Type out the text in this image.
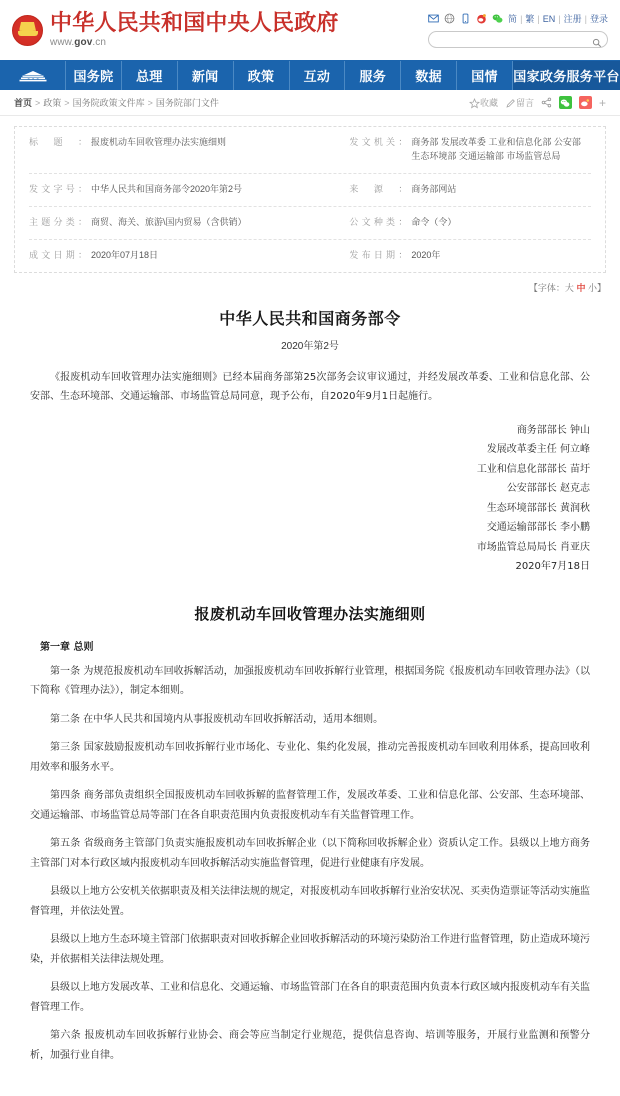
中华人民共和国中央人民政府
www.gov.cn
简 | 繁 | EN | 注册 | 登录
国务院	总理	新闻	政策	互动	服务	数据	国情	国家政务服务平台
首页 > 政策 > 国务院政策文件库 > 国务院部门文件	收藏 留言	+
标题 ：	报废机动车回收管理办法实施细则	发文机关 ：	商务部 发展改革委 工业和信息化部 公安部 生态环境部 交通运输部 市场监管总局
发文字号 ：	中华人民共和国商务部令2020年第2号	来源 ：	商务部网站
主题分类 ：	商贸、海关、旅游\国内贸易（含供销）	公文种类 ：	命令（令）
成文日期 ：	2020年07月18日	发布日期 ：	2020年
【字体：大 中 小】
中华人民共和国商务部令
2020年第2号

《报废机动车回收管理办法实施细则》已经本届商务部第25次部务会议审议通过，并经发展改革委、工业和信息化部、公安部、生态环境部、交通运输部、市场监管总局同意，现予公布，自2020年9月1日起施行。

商务部部长 钟山
发展改革委主任 何立峰
工业和信息化部部长 苗圩
公安部部长 赵克志
生态环境部部长 黄润秋
交通运输部部长 李小鹏
市场监管总局局长 肖亚庆
2020年7月18日
报废机动车回收管理办法实施细则
第一章 总则

第一条 为规范报废机动车回收拆解活动，加强报废机动车回收拆解行业管理，根据国务院《报废机动车回收管理办法》（以下简称《管理办法》），制定本细则。

第二条 在中华人民共和国境内从事报废机动车回收拆解活动，适用本细则。

第三条 国家鼓励报废机动车回收拆解行业市场化、专业化、集约化发展，推动完善报废机动车回收利用体系，提高回收利用效率和服务水平。

第四条 商务部负责组织全国报废机动车回收拆解的监督管理工作，发展改革委、工业和信息化部、公安部、生态环境部、交通运输部、市场监管总局等部门在各自职责范围内负责报废机动车有关监督管理工作。

第五条 省级商务主管部门负责实施报废机动车回收拆解企业（以下简称回收拆解企业）资质认定工作。县级以上地方商务主管部门对本行政区域内报废机动车回收拆解活动实施监督管理，促进行业健康有序发展。

县级以上地方公安机关依据职责及相关法律法规的规定，对报废机动车回收拆解行业治安状况、买卖伪造票证等活动实施监督管理，并依法处置。

县级以上地方生态环境主管部门依据职责对回收拆解企业回收拆解活动的环境污染防治工作进行监督管理，防止造成环境污染，并依据相关法律法规处理。

县级以上地方发展改革、工业和信息化、交通运输、市场监管部门在各自的职责范围内负责本行政区域内报废机动车有关监督管理工作。

第六条 报废机动车回收拆解行业协会、商会等应当制定行业规范，提供信息咨询、培训等服务，开展行业监测和预警分析，加强行业自律。
